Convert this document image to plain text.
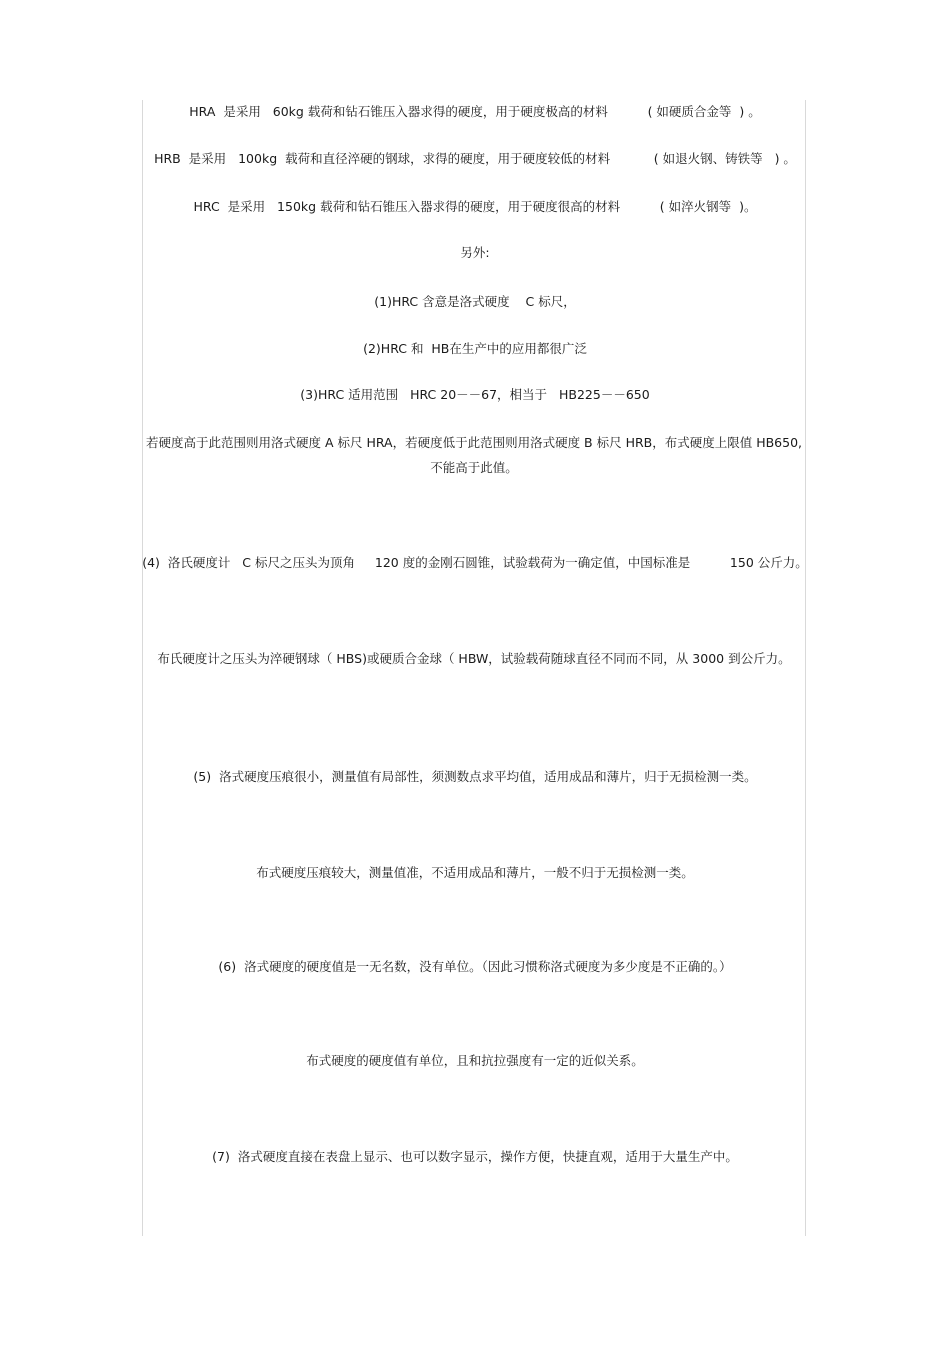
HRA  是采用   60kg 载荷和钻石锥压入器求得的硬度，用于硬度极高的材料          ( 如硬质合金等  ) 。
HRB  是采用   100kg  载荷和直径淬硬的钢球，求得的硬度，用于硬度较低的材料           ( 如退火钢、铸铁等   ) 。
HRC  是采用   150kg 载荷和钻石锥压入器求得的硬度，用于硬度很高的材料          ( 如淬火钢等  )。
另外:
(1)HRC 含意是洛式硬度    C 标尺，
(2)HRC 和  HB在生产中的应用都很广泛
(3)HRC 适用范围   HRC 20－－67，相当于   HB225－－650
若硬度高于此范围则用洛式硬度 A 标尺 HRA，若硬度低于此范围则用洛式硬度 B 标尺 HRB，布式硬度上限值 HB650,不能高于此值。
(4)  洛氏硬度计   C 标尺之压头为顶角     120 度的金刚石圆锥，试验载荷为一确定值，中国标准是          150 公斤力。
布氏硬度计之压头为淬硬钢球（ HBS)或硬质合金球（ HBW，试验载荷随球直径不同而不同，从 3000 到公斤力。
(5)  洛式硬度压痕很小，测量值有局部性，须测数点求平均值，适用成品和薄片，归于无损检测一类。
布式硬度压痕较大，测量值准，不适用成品和薄片，一般不归于无损检测一类。
(6)  洛式硬度的硬度值是一无名数，没有单位。（因此习惯称洛式硬度为多少度是不正确的。）
布式硬度的硬度值有单位，且和抗拉强度有一定的近似关系。
(7)  洛式硬度直接在表盘上显示、也可以数字显示，操作方便，快捷直观，适用于大量生产中。
